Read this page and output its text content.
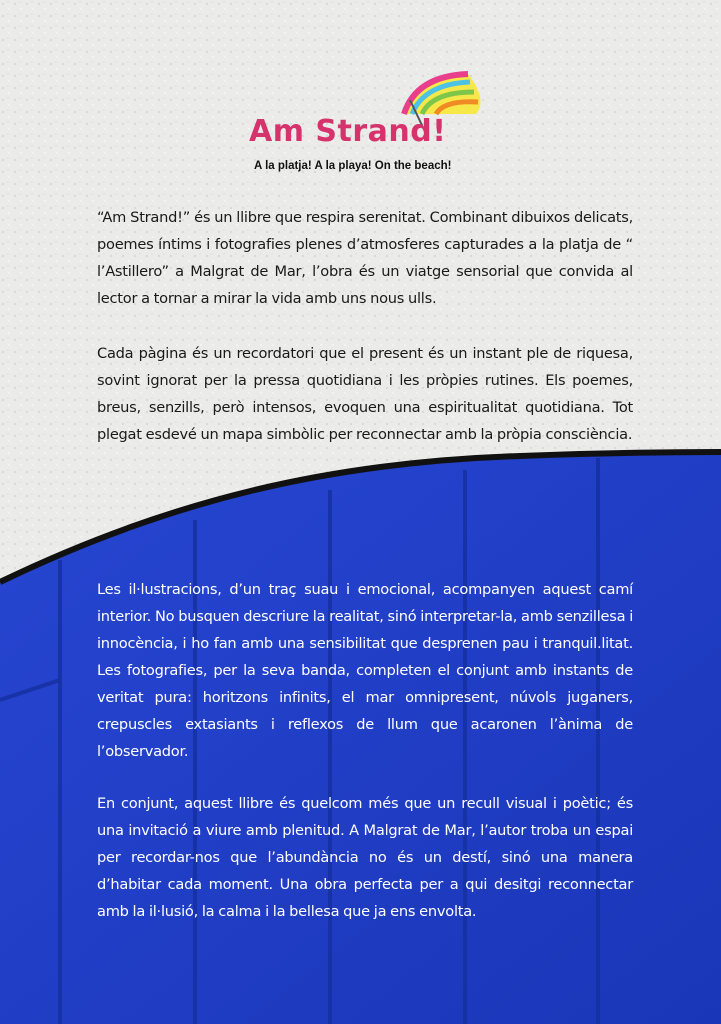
Am Strand!

A la platja! A la playa! On the beach!

“Am Strand!” és un llibre que respira serenitat. Combinant dibuixos delicats, poemes íntims i fotografies plenes d’atmosferes capturades a la platja de “ l’Astillero” a Malgrat de Mar, l’obra és un viatge sensorial que convida al lector a tornar a mirar la vida amb uns nous ulls.

Cada pàgina és un recordatori que el present és un instant ple de riquesa, sovint ignorat per la pressa quotidiana i les pròpies rutines. Els poemes, breus, senzills, però intensos, evoquen una espiritualitat quotidiana. Tot plegat esdevé un mapa simbòlic per reconnectar amb la pròpia consciència.

Les il·lustracions, d’un traç suau i emocional, acompanyen aquest camí interior. No busquen descriure la realitat, sinó interpretar-la, amb senzillesa i innocència, i ho fan amb una sensibilitat que desprenen pau i tranquil.litat. Les fotografies, per la seva banda, completen el conjunt amb instants de veritat pura: horitzons infinits, el mar omnipresent, núvols juganers, crepuscles extasiants i reflexos de llum que acaronen l’ànima de l’observador.

En conjunt, aquest llibre és quelcom més que un recull visual i poètic; és una invitació a viure amb plenitud. A Malgrat de Mar, l’autor troba un espai per recordar-nos que l’abundància no és un destí, sinó una manera d’habitar cada moment. Una obra perfecta per a qui desitgi reconnectar amb la il·lusió, la calma i la bellesa que ja ens envolta.
